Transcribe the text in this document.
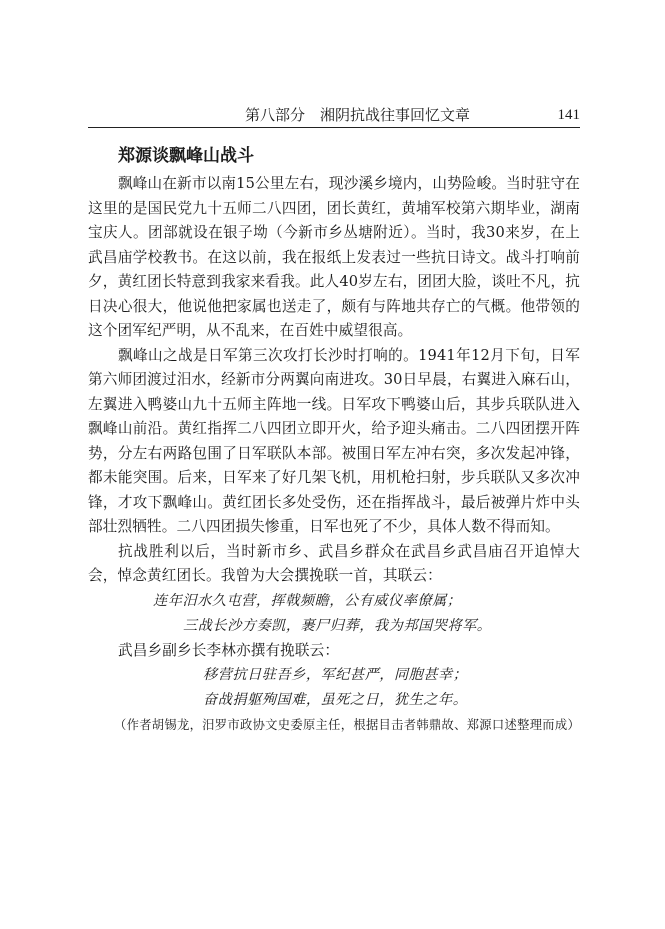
第八部分　湘阴抗战往事回忆文章	141
郑源谈飘峰山战斗

飘峰山在新市以南15公里左右，现沙溪乡境内，山势险峻。当时驻守在这里的是国民党九十五师二八四团，团长黄红，黄埔军校第六期毕业，湖南宝庆人。团部就设在银子坳（今新市乡丛塘附近）。当时，我30来岁，在上武昌庙学校教书。在这以前，我在报纸上发表过一些抗日诗文。战斗打响前夕，黄红团长特意到我家来看我。此人40岁左右，团团大脸，谈吐不凡，抗日决心很大，他说他把家属也送走了，颇有与阵地共存亡的气概。他带领的这个团军纪严明，从不乱来，在百姓中威望很高。

飘峰山之战是日军第三次攻打长沙时打响的。1941年12月下旬，日军第六师团渡过汨水，经新市分两翼向南进攻。30日早晨，右翼进入麻石山，左翼进入鸭婆山九十五师主阵地一线。日军攻下鸭婆山后，其步兵联队进入飘峰山前沿。黄红指挥二八四团立即开火，给予迎头痛击。二八四团摆开阵势，分左右两路包围了日军联队本部。被围日军左冲右突，多次发起冲锋，都未能突围。后来，日军来了好几架飞机，用机枪扫射，步兵联队又多次冲锋，才攻下飘峰山。黄红团长多处受伤，还在指挥战斗，最后被弹片炸中头部壮烈牺牲。二八四团损失惨重，日军也死了不少，具体人数不得而知。

抗战胜利以后，当时新市乡、武昌乡群众在武昌乡武昌庙召开追悼大会，悼念黄红团长。我曾为大会撰挽联一首，其联云：

连年汨水久屯营，挥戟频瞻，公有威仪率僚属；

三战长沙方奏凯，裹尸归葬，我为邦国哭将军。

武昌乡副乡长李林亦撰有挽联云：

移营抗日驻吾乡，军纪甚严，同胞甚幸；

奋战捐躯殉国难，虽死之日，犹生之年。

（作者胡锡龙，汨罗市政协文史委原主任，根据目击者韩鼎故、郑源口述整理而成）
